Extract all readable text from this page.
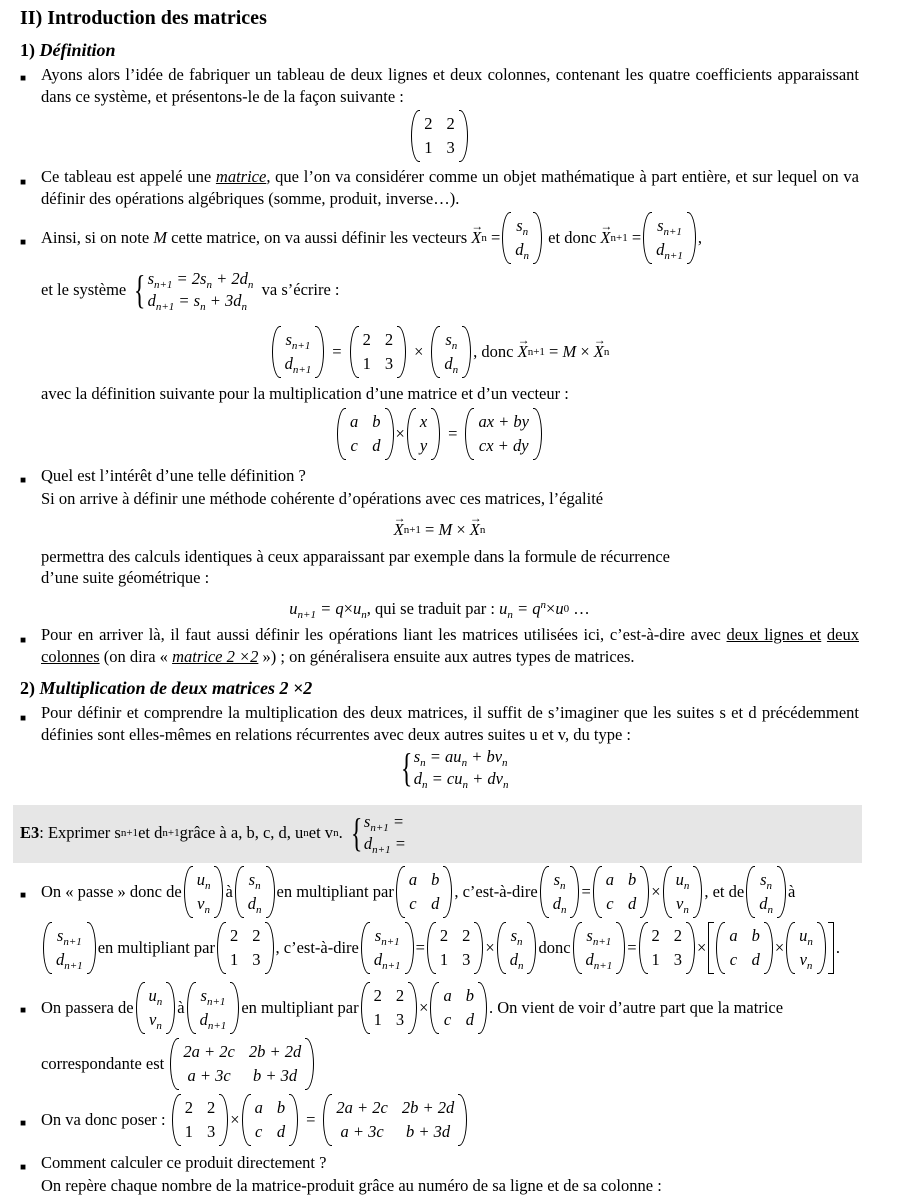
II) Introduction des matrices
1) Définition
■ Ayons alors l’idée de fabriquer un tableau de deux lignes et deux colonnes, contenant les quatre coefficients apparaissant dans ce système, et présentons-le de la façon suivante :
2 2
1 3
■ Ce tableau est appelé une matrice, que l’on va considérer comme un objet mathématique à part entière, et sur lequel on va définir des opérations algébriques (somme, produit, inverse…).
■ Ainsi, si on note
M
cette matrice, on va aussi définir les vecteurs
→ X n =
$s_n$
$d_n$

et donc
→ X n+1 =
$s_{n+1}$
$d_{n+1}$
,
et le système
{ $s_{n+1} = 2s_n + 2d_n$
$d_{n+1} = s_n + 3d_n$

va s’écrire :
$s_{n+1}$
$d_{n+1}$
=
2 2
1 3
×
$s_n$
$d_n$
, donc
→ X n+1 = M × → X n
avec la définition suivante pour la multiplication d’une matrice et d’un vecteur :
a b
c d
×
x
y
=
ax + by
cx + dy
■ Quel est l’intérêt d’une telle définition ?
Si on arrive à définir une méthode cohérente d’opérations avec ces matrices, l’égalité
→ X n+1 = M × → X n
permettra des calculs identiques à ceux apparaissant par exemple dans la formule de récurrence
d’une suite géométrique :
$u_{n+1} = q \times u_n$ , qui se traduit par :
$u_n = q^n \times u$ 0 …
■ Pour en arriver là, il faut aussi définir les opérations liant les matrices utilisées ici, c’est-à-dire avec deux lignes et deux colonnes (on dira « matrice 2 ×2 ») ; on généralisera ensuite aux autres types de matrices.
2) Multiplication de deux matrices 2 ×2
■ Pour définir et comprendre la multiplication des deux matrices, il suffit de s’imaginer que les suites s et d précédemment définies sont elles-mêmes en relations récurrentes avec deux autres suites u et v, du type :
{ $s_n = au_n + bv_n$
$d_n = cu_n + dv_n$
E3 : Exprimer s n+1 et d n+1 grâce à a, b, c, d, u n et v n . { $s_{n+1}$ =
$d_{n+1}$ =
■ On « passe » donc de
$u_n$
$v_n$
à
$s_n$
$d_n$
en multipliant par
a b
c d
, c’est-à-dire
$s_n$
$d_n$
=
a b
c d
×
$u_n$
$v_n$
, et de
$s_n$
$d_n$
à
$s_{n+1}$
$d_{n+1}$
en multipliant par
2 2
1 3
, c’est-à-dire
$s_{n+1}$
$d_{n+1}$
=
2 2
1 3
×
$s_n$
$d_n$
donc
$s_{n+1}$
$d_{n+1}$
=
2 2
1 3
×
a b
c d
×
$u_n$
$v_n$
.
■ On passera de
$u_n$
$v_n$
à
$s_{n+1}$
$d_{n+1}$
en multipliant par
2 2
1 3
×
a b
c d
. On vient de voir d’autre part que la matrice
correspondante est

2a + 2c 2b + 2d
a + 3c b + 3d
■ On va donc poser :

2 2
1 3
×
a b
c d
=
2a + 2c 2b + 2d
a + 3c b + 3d
■ Comment calculer ce produit directement ?
On repère chaque nombre de la matrice-produit grâce au numéro de sa ligne et de sa colonne :
